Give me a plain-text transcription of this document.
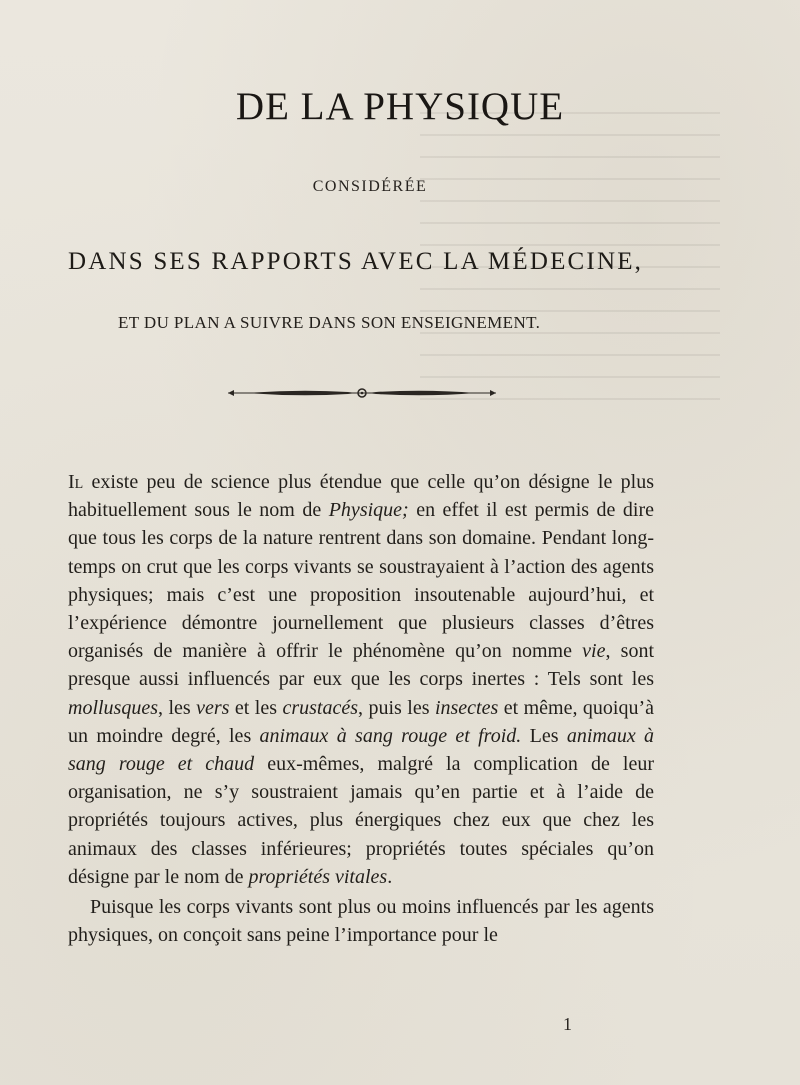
DE LA PHYSIQUE
CONSIDÉRÉE
DANS SES RAPPORTS AVEC LA MÉDECINE,
ET DU PLAN A SUIVRE DANS SON ENSEIGNEMENT.

Il existe peu de science plus étendue que celle qu’on désigne le plus habituellement sous le nom de Physique; en effet il est permis de dire que tous les corps de la nature rentrent dans son domaine. Pendant long-temps on crut que les corps vivants se soustrayaient à l’action des agents physiques; mais c’est une proposition insoutenable aujourd’hui, et l’expérience démontre journellement que plusieurs classes d’êtres organisés de manière à offrir le phénomène qu’on nomme vie, sont presque aussi influencés par eux que les corps inertes : Tels sont les mollusques, les vers et les crustacés, puis les insectes et même, quoiqu’à un moindre degré, les animaux à sang rouge et froid. Les animaux à sang rouge et chaud eux-mêmes, malgré la complication de leur organisation, ne s’y soustraient jamais qu’en partie et à l’aide de propriétés toujours actives, plus énergiques chez eux que chez les animaux des classes inférieures; propriétés toutes spéciales qu’on désigne par le nom de propriétés vitales.

Puisque les corps vivants sont plus ou moins influencés par les agents physiques, on conçoit sans peine l’importance pour le

1
